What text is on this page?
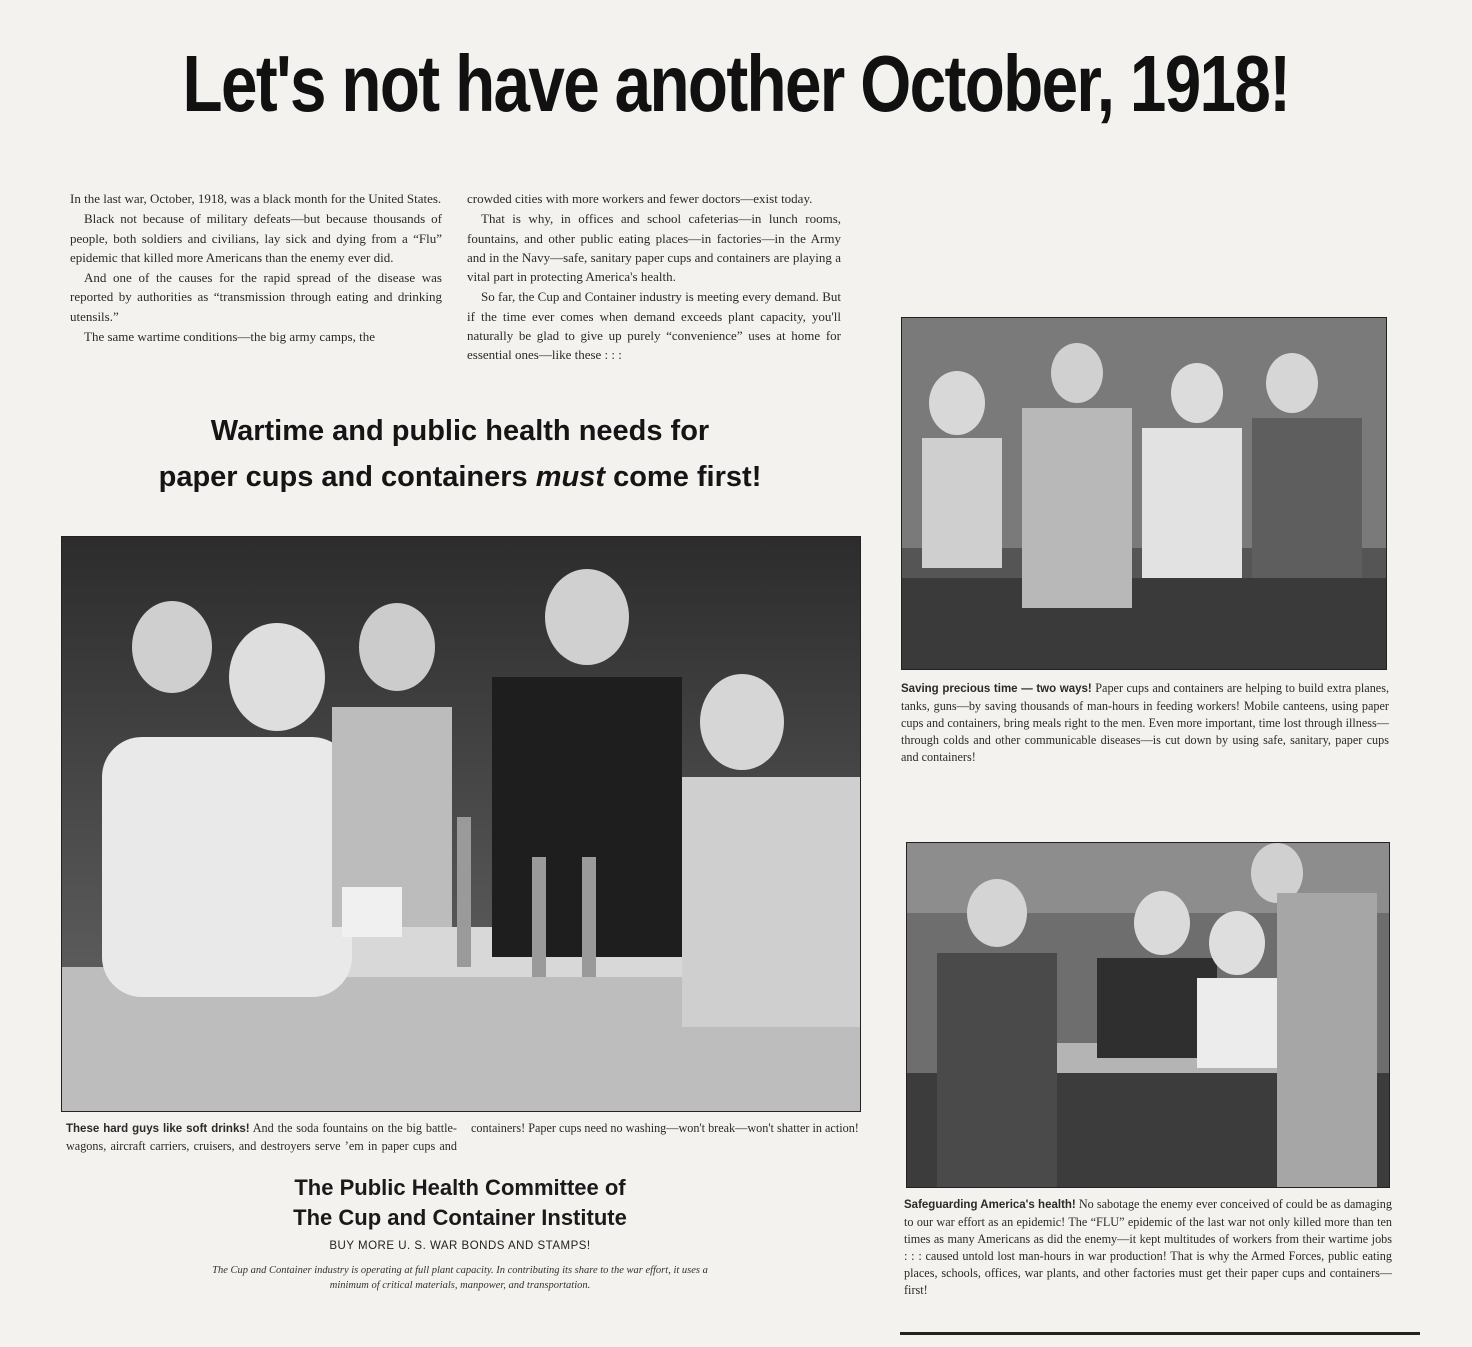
Let's not have another October, 1918!

In the last war, October, 1918, was a black month for the United States.

Black not because of military defeats—but because thousands of people, both soldiers and civilians, lay sick and dying from a “Flu” epidemic that killed more Americans than the enemy ever did.

And one of the causes for the rapid spread of the disease was reported by authorities as “transmission through eating and drinking utensils.”

The same wartime conditions—the big army camps, the

crowded cities with more workers and fewer doctors—exist today.

That is why, in offices and school cafeterias—in lunch rooms, fountains, and other public eating places—in factories—in the Army and in the Navy—safe, sanitary paper cups and containers are playing a vital part in protecting America's health.

So far, the Cup and Container industry is meeting every demand. But if the time ever comes when demand exceeds plant capacity, you'll naturally be glad to give up purely “convenience” uses at home for essential ones—like these : : :

Wartime and public health needs for
paper cups and containers must come first!
These hard guys like soft drinks! And the soda fountains on the big battle-wagons, aircraft carriers, cruisers, and destroyers serve ’em in paper cups and containers! Paper cups need no washing—won't break—won't shatter in action!
The Public Health Committee of
The Cup and Container Institute
BUY MORE U. S. WAR BONDS AND STAMPS!
The Cup and Container industry is operating at full plant capacity. In contributing its share to the war effort, it uses a minimum of critical materials, manpower, and transportation.
Saving precious time — two ways! Paper cups and containers are helping to build extra planes, tanks, guns—by saving thousands of man-hours in feeding workers! Mobile canteens, using paper cups and containers, bring meals right to the men. Even more important, time lost through illness—through colds and other communicable diseases—is cut down by using safe, sanitary, paper cups and containers!
Safeguarding America's health! No sabotage the enemy ever conceived of could be as damaging to our war effort as an epidemic! The “FLU” epidemic of the last war not only killed more than ten times as many Americans as did the enemy—it kept multitudes of workers from their wartime jobs : : : caused untold lost man-hours in war production! That is why the Armed Forces, public eating places, schools, offices, war plants, and other factories must get their paper cups and containers—first!
